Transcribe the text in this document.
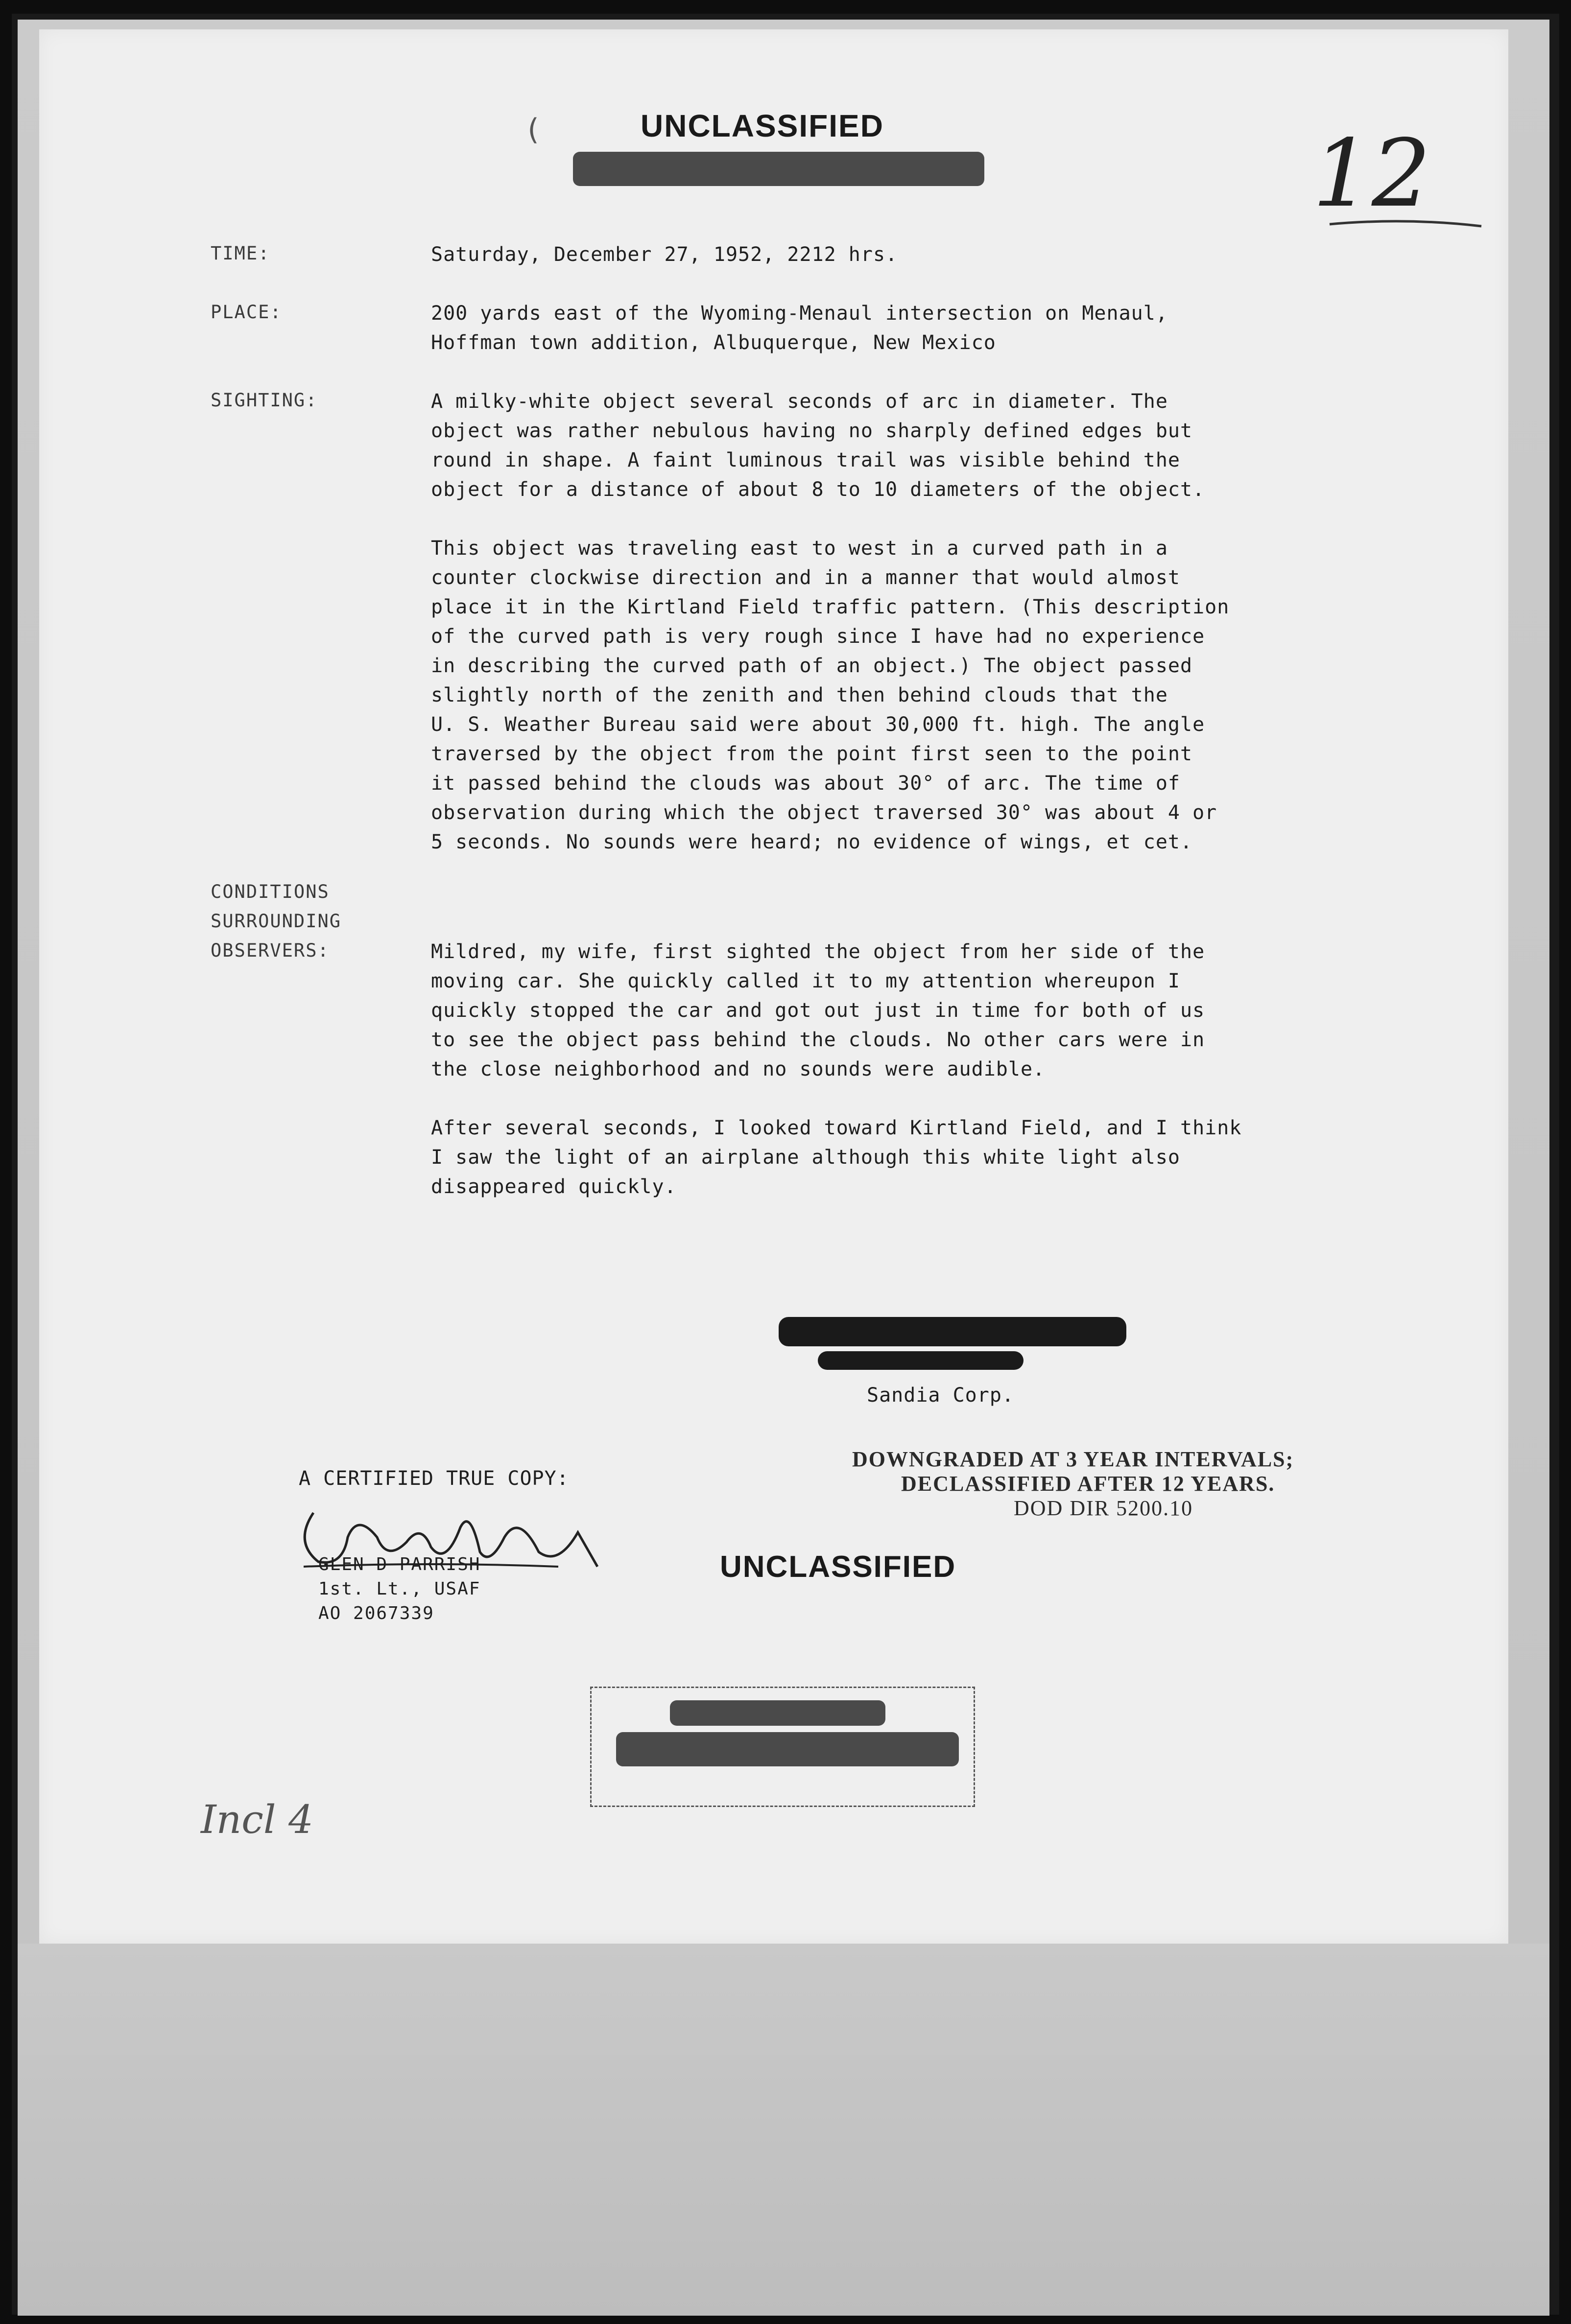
UNCLASSIFIED
(	12
TIME:	Saturday, December 27, 1952, 2212 hrs.
PLACE:	200 yards east of the Wyoming-Menaul intersection on Menaul,
Hoffman town addition, Albuquerque, New Mexico
SIGHTING:	A milky-white object several seconds of arc in diameter. The
object was rather nebulous having no sharply defined edges but
round in shape. A faint luminous trail was visible behind the
object for a distance of about 8 to 10 diameters of the object.
This object was traveling east to west in a curved path in a
counter clockwise direction and in a manner that would almost
place it in the Kirtland Field traffic pattern. (This description
of the curved path is very rough since I have had no experience
in describing the curved path of an object.) The object passed
slightly north of the zenith and then behind clouds that the
U. S. Weather Bureau said were about 30,000 ft. high. The angle
traversed by the object from the point first seen to the point
it passed behind the clouds was about 30° of arc. The time of
observation during which the object traversed 30° was about 4 or
5 seconds. No sounds were heard; no evidence of wings, et cet.
CONDITIONS
SURROUNDING
OBSERVERS:	Mildred, my wife, first sighted the object from her side of the
moving car. She quickly called it to my attention whereupon I
quickly stopped the car and got out just in time for both of us
to see the object pass behind the clouds. No other cars were in
the close neighborhood and no sounds were audible.
After several seconds, I looked toward Kirtland Field, and I think
I saw the light of an airplane although this white light also
disappeared quickly.
Sandia Corp.
A CERTIFIED TRUE COPY:
GLEN D PARRISH
1st. Lt., USAF
AO 2067339
DOWNGRADED AT 3 YEAR INTERVALS;
DECLASSIFIED AFTER 12 YEARS.
DOD DIR 5200.10
UNCLASSIFIED
Incl 4
